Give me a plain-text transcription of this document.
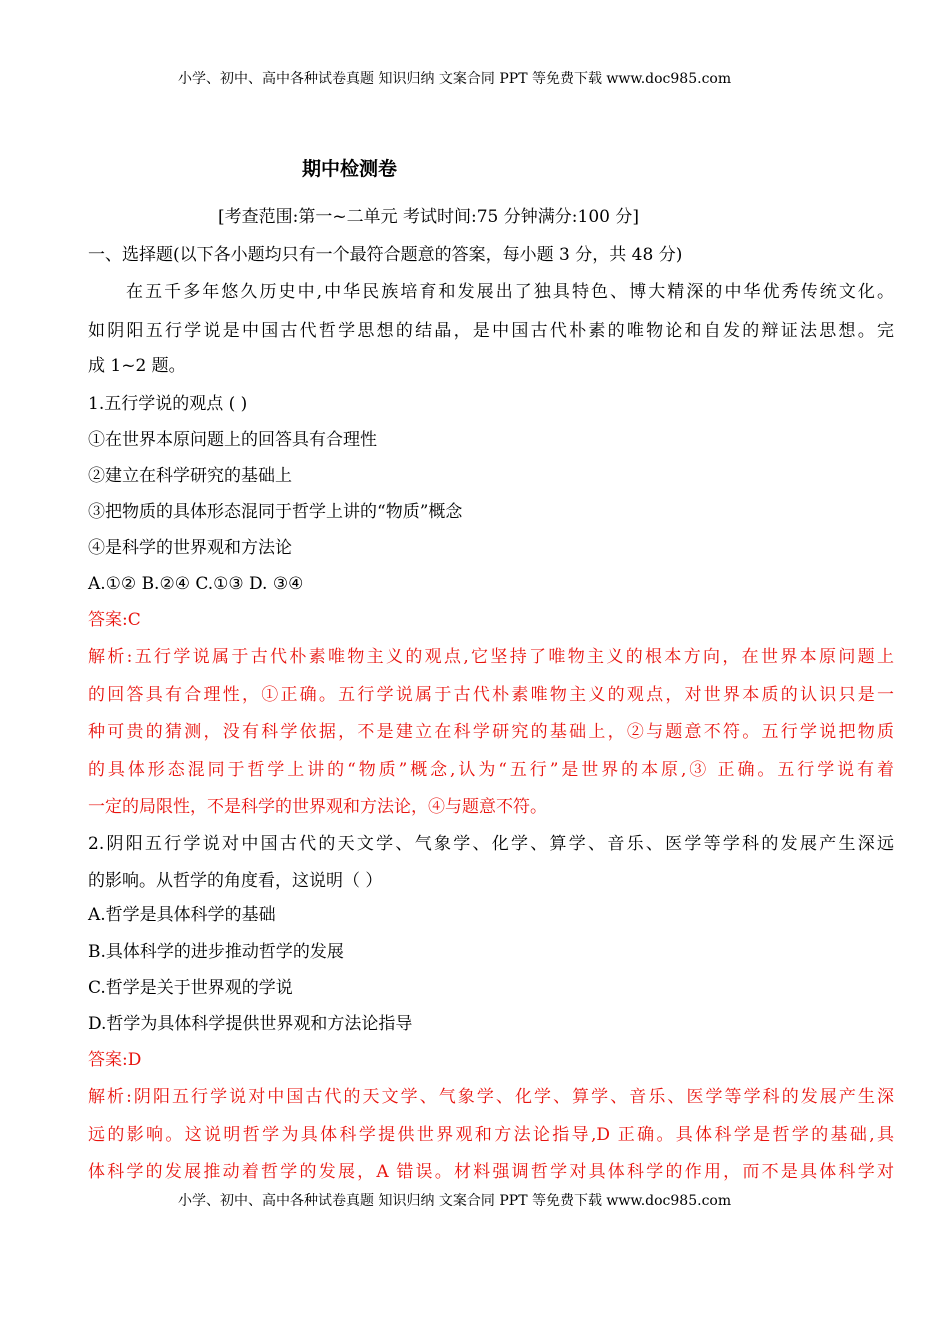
小学、初中、高中各种试卷真题 知识归纳 文案合同 PPT 等免费下载 www.doc985.com
期中检测卷
[考查范围:第一~二单元 考试时间:75 分钟满分:100 分]
一、选择题(以下各小题均只有一个最符合题意的答案，每小题 3 分，共 48 分)
在五千多年悠久历史中,中华民族培育和发展出了独具特色、博大精深的中华优秀传统文化。
如阴阳五行学说是中国古代哲学思想的结晶，是中国古代朴素的唯物论和自发的辩证法思想。完
成 1~2 题。
1.五行学说的观点 ( )
①在世界本原问题上的回答具有合理性
②建立在科学研究的基础上
③把物质的具体形态混同于哲学上讲的“物质”概念
④是科学的世界观和方法论
A.①② B.②④ C.①③ D. ③④
答案:C
解析:五行学说属于古代朴素唯物主义的观点,它坚持了唯物主义的根本方向，在世界本原问题上
的回答具有合理性，①正确。五行学说属于古代朴素唯物主义的观点，对世界本质的认识只是一
种可贵的猜测，没有科学依据，不是建立在科学研究的基础上，②与题意不符。五行学说把物质
的具体形态混同于哲学上讲的“物质”概念,认为“五行”是世界的本原,③ 正确。五行学说有着
一定的局限性，不是科学的世界观和方法论，④与题意不符。
2.阴阳五行学说对中国古代的天文学、气象学、化学、算学、音乐、医学等学科的发展产生深远
的影响。从哲学的角度看，这说明（ ）
A.哲学是具体科学的基础
B.具体科学的进步推动哲学的发展
C.哲学是关于世界观的学说
D.哲学为具体科学提供世界观和方法论指导
答案:D
解析:阴阳五行学说对中国古代的天文学、气象学、化学、算学、音乐、医学等学科的发展产生深
远的影响。这说明哲学为具体科学提供世界观和方法论指导,D 正确。具体科学是哲学的基础,具
体科学的发展推动着哲学的发展，A 错误。材料强调哲学对具体科学的作用，而不是具体科学对
小学、初中、高中各种试卷真题 知识归纳 文案合同 PPT 等免费下载 www.doc985.com
